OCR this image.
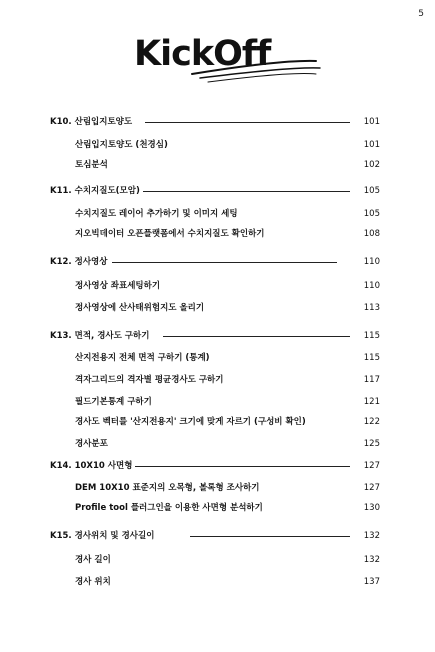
5
KickOff
K10. 산림입지토양도	101
산림입지토양도 (천경심)	101
토심분석	102
K11. 수치지질도(모암)	105
수치지질도 레이어 추가하기 및 이미지 세팅	105
지오빅데이터 오픈플랫폼에서 수치지질도 확인하기	108
K12. 정사영상	110
정사영상 좌표세팅하기	110
정사영상에 산사태위험지도 올리기	113
K13. 면적, 경사도 구하기	115
산지전용지 전체 면적 구하기 (통계)	115
격자그리드의 격자별 평균경사도 구하기	117
필드기본통계 구하기	121
경사도 벡터를 '산지전용지' 크기에 맞게 자르기 (구성비 확인)	122
경사분포	125
K14. 10X10 사면형	127
DEM 10X10 표준지의 오목형, 볼록형 조사하기	127
Profile tool 플러그인을 이용한 사면형 분석하기	130
K15. 경사위치 및 경사길이	132
경사 길이	132
경사 위치	137
